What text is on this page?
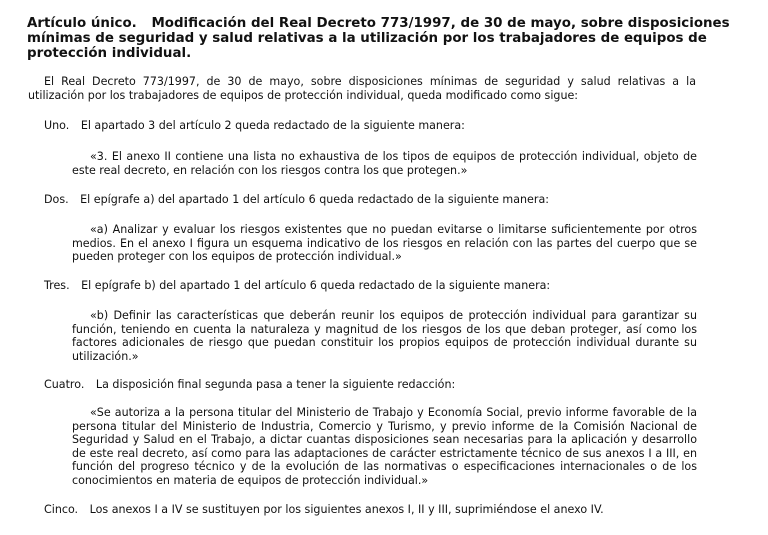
Artículo único. Modificación del Real Decreto 773/1997, de 30 de mayo, sobre disposiciones mínimas de seguridad y salud relativas a la utilización por los trabajadores de equipos de protección individual.

El Real Decreto 773/1997, de 30 de mayo, sobre disposiciones mínimas de seguridad y salud relativas a la utilización por los trabajadores de equipos de protección individual, queda modificado como sigue:

Uno. El apartado 3 del artículo 2 queda redactado de la siguiente manera:

«3. El anexo II contiene una lista no exhaustiva de los tipos de equipos de protección individual, objeto de este real decreto, en relación con los riesgos contra los que protegen.»

Dos. El epígrafe a) del apartado 1 del artículo 6 queda redactado de la siguiente manera:

«a) Analizar y evaluar los riesgos existentes que no puedan evitarse o limitarse suficientemente por otros medios. En el anexo I figura un esquema indicativo de los riesgos en relación con las partes del cuerpo que se pueden proteger con los equipos de protección individual.»

Tres. El epígrafe b) del apartado 1 del artículo 6 queda redactado de la siguiente manera:

«b) Definir las características que deberán reunir los equipos de protección individual para garantizar su función, teniendo en cuenta la naturaleza y magnitud de los riesgos de los que deban proteger, así como los factores adicionales de riesgo que puedan constituir los propios equipos de protección individual durante su utilización.»

Cuatro. La disposición final segunda pasa a tener la siguiente redacción:

«Se autoriza a la persona titular del Ministerio de Trabajo y Economía Social, previo informe favorable de la persona titular del Ministerio de Industria, Comercio y Turismo, y previo informe de la Comisión Nacional de Seguridad y Salud en el Trabajo, a dictar cuantas disposiciones sean necesarias para la aplicación y desarrollo de este real decreto, así como para las adaptaciones de carácter estrictamente técnico de sus anexos I a III, en función del progreso técnico y de la evolución de las normativas o especificaciones internacionales o de los conocimientos en materia de equipos de protección individual.»

Cinco. Los anexos I a IV se sustituyen por los siguientes anexos I, II y III, suprimiéndose el anexo IV.
